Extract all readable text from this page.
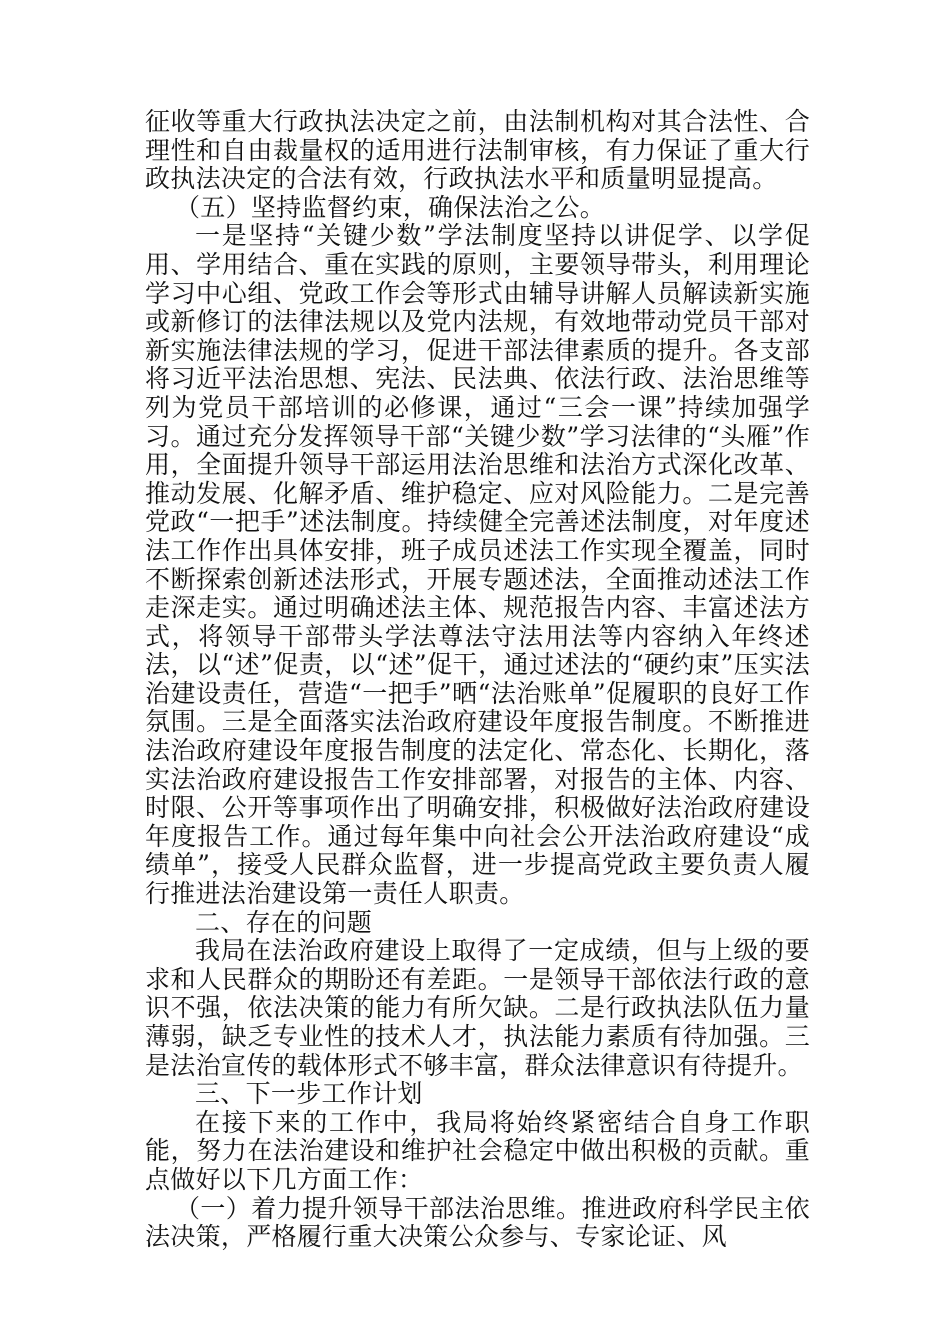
征收等重大行政执法决定之前，由法制机构对其合法性、合理性和自由裁量权的适用进行法制审核，有力保证了重大行政执法决定的合法有效，行政执法水平和质量明显提高。

（五）坚持监督约束，确保法治之公。

一是坚持“关键少数”学法制度坚持以讲促学、以学促用、学用结合、重在实践的原则，主要领导带头，利用理论学习中心组、党政工作会等形式由辅导讲解人员解读新实施或新修订的法律法规以及党内法规，有效地带动党员干部对新实施法律法规的学习，促进干部法律素质的提升。各支部将习近平法治思想、宪法、民法典、依法行政、法治思维等列为党员干部培训的必修课，通过“三会一课”持续加强学习。通过充分发挥领导干部“关键少数”学习法律的“头雁”作用，全面提升领导干部运用法治思维和法治方式深化改革、推动发展、化解矛盾、维护稳定、应对风险能力。二是完善党政“一把手”述法制度。持续健全完善述法制度，对年度述法工作作出具体安排，班子成员述法工作实现全覆盖，同时不断探索创新述法形式，开展专题述法，全面推动述法工作走深走实。通过明确述法主体、规范报告内容、丰富述法方式，将领导干部带头学法尊法守法用法等内容纳入年终述法，以“述”促责，以“述”促干，通过述法的“硬约束”压实法治建设责任，营造“一把手”晒“法治账单”促履职的良好工作氛围。三是全面落实法治政府建设年度报告制度。不断推进法治政府建设年度报告制度的法定化、常态化、长期化，落实法治政府建设报告工作安排部署，对报告的主体、内容、时限、公开等事项作出了明确安排，积极做好法治政府建设年度报告工作。通过每年集中向社会公开法治政府建设“成绩单”，接受人民群众监督，进一步提高党政主要负责人履行推进法治建设第一责任人职责。

二、存在的问题

我局在法治政府建设上取得了一定成绩，但与上级的要求和人民群众的期盼还有差距。一是领导干部依法行政的意识不强，依法决策的能力有所欠缺。二是行政执法队伍力量薄弱，缺乏专业性的技术人才，执法能力素质有待加强。三是法治宣传的载体形式不够丰富，群众法律意识有待提升。

三、下一步工作计划

在接下来的工作中，我局将始终紧密结合自身工作职能，努力在法治建设和维护社会稳定中做出积极的贡献。重点做好以下几方面工作：

（一）着力提升领导干部法治思维。推进政府科学民主依法决策，严格履行重大决策公众参与、专家论证、风
